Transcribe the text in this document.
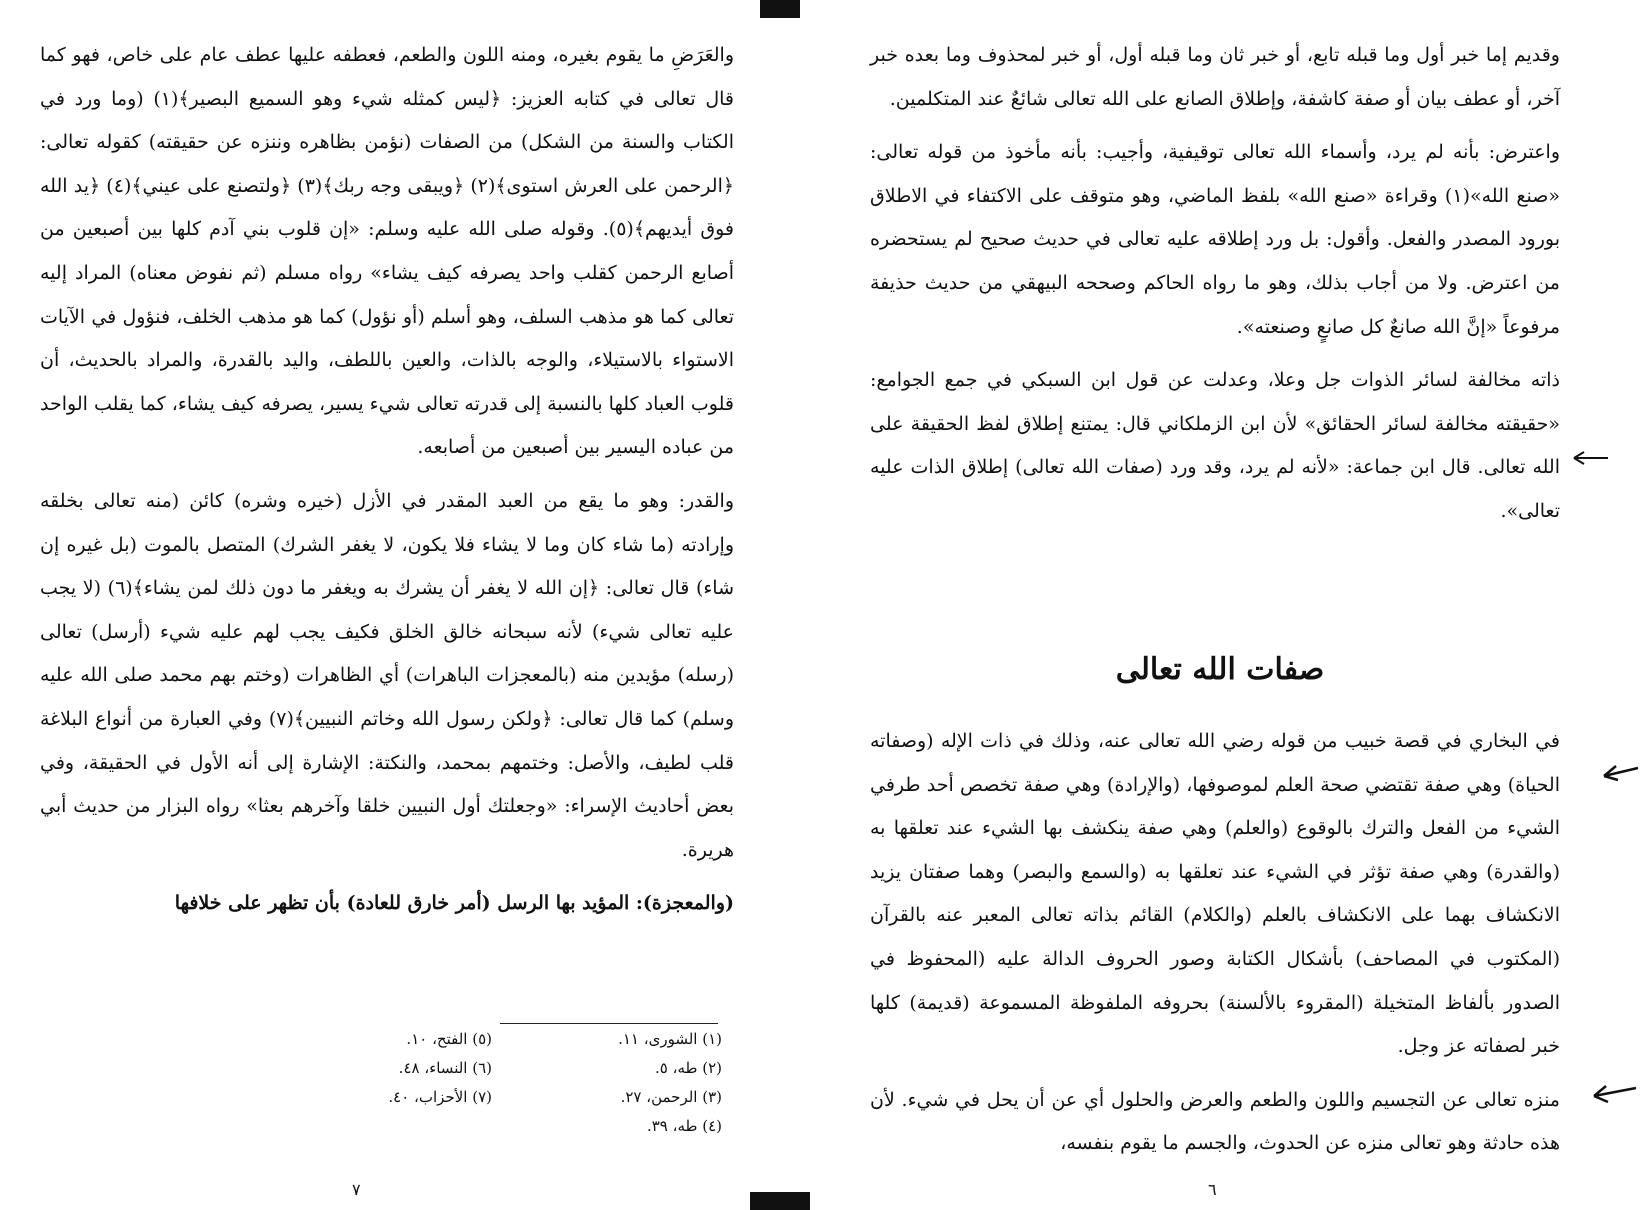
والعَرَضِ ما يقوم بغيره، ومنه اللون والطعم، فعطفه عليها عطف عام على خاص، فهو كما قال تعالى في كتابه العزيز: ﴿ليس كمثله شيء وهو السميع البصير﴾(١) (وما ورد في الكتاب والسنة من الشكل) من الصفات (نؤمن بظاهره وننزه عن حقيقته) كقوله تعالى: ﴿الرحمن على العرش استوى﴾(٢) ﴿ويبقى وجه ربك﴾(٣) ﴿ولتصنع على عيني﴾(٤) ﴿يد الله فوق أيديهم﴾(٥). وقوله صلى الله عليه وسلم: «إن قلوب بني آدم كلها بين أصبعين من أصابع الرحمن كقلب واحد يصرفه كيف يشاء» رواه مسلم (ثم نفوض معناه) المراد إليه تعالى كما هو مذهب السلف، وهو أسلم (أو نؤول) كما هو مذهب الخلف، فنؤول في الآيات الاستواء بالاستيلاء، والوجه بالذات، والعين باللطف، واليد بالقدرة، والمراد بالحديث، أن قلوب العباد كلها بالنسبة إلى قدرته تعالى شيء يسير، يصرفه كيف يشاء، كما يقلب الواحد من عباده اليسير بين أصبعين من أصابعه.

والقدر: وهو ما يقع من العبد المقدر في الأزل (خيره وشره) كائن (منه تعالى بخلقه وإرادته (ما شاء كان وما لا يشاء فلا يكون، لا يغفر الشرك) المتصل بالموت (بل غيره إن شاء) قال تعالى: ﴿إن الله لا يغفر أن يشرك به ويغفر ما دون ذلك لمن يشاء﴾(٦) (لا يجب عليه تعالى شيء) لأنه سبحانه خالق الخلق فكيف يجب لهم عليه شيء (أرسل) تعالى (رسله) مؤيدين منه (بالمعجزات الباهرات) أي الظاهرات (وختم بهم محمد صلى الله عليه وسلم) كما قال تعالى: ﴿ولكن رسول الله وخاتم النبيين﴾(٧) وفي العبارة من أنواع البلاغة قلب لطيف، والأصل: وختمهم بمحمد، والنكتة: الإشارة إلى أنه الأول في الحقيقة، وفي بعض أحاديث الإسراء: «وجعلتك أول النبيين خلقا وآخرهم بعثا» رواه البزار من حديث أبي هريرة.

(والمعجزة): المؤيد بها الرسل (أمر خارق للعادة) بأن تظهر على خلافها

(١) الشورى، ١١.
(٢) طه، ٥.
(٣) الرحمن، ٢٧.
(٤) طه، ٣٩.
(٥) الفتح، ١٠.
(٦) النساء، ٤٨.
(٧) الأحزاب، ٤٠.
٧

وقديم إما خبر أول وما قبله تابع، أو خبر ثان وما قبله أول، أو خبر لمحذوف وما بعده خبر آخر، أو عطف بيان أو صفة كاشفة، وإطلاق الصانع على الله تعالى شائعٌ عند المتكلمين.

واعترض: بأنه لم يرد، وأسماء الله تعالى توقيفية، وأجيب: بأنه مأخوذ من قوله تعالى: «صنع الله»(١) وقراءة «صنع الله» بلفظ الماضي، وهو متوقف على الاكتفاء في الاطلاق بورود المصدر والفعل. وأقول: بل ورد إطلاقه عليه تعالى في حديث صحيح لم يستحضره من اعترض. ولا من أجاب بذلك، وهو ما رواه الحاكم وصححه البيهقي من حديث حذيفة مرفوعاً «إنَّ الله صانعٌ كل صانعٍ وصنعته».

ذاته مخالفة لسائر الذوات جل وعلا، وعدلت عن قول ابن السبكي في جمع الجوامع: «حقيقته مخالفة لسائر الحقائق» لأن ابن الزملكاني قال: يمتنع إطلاق لفظ الحقيقة على الله تعالى. قال ابن جماعة: «لأنه لم يرد، وقد ورد (صفات الله تعالى) إطلاق الذات عليه تعالى».

صفات الله تعالى

في البخاري في قصة خبيب من قوله رضي الله تعالى عنه، وذلك في ذات الإله (وصفاته الحياة) وهي صفة تقتضي صحة العلم لموصوفها، (والإرادة) وهي صفة تخصص أحد طرفي الشيء من الفعل والترك بالوقوع (والعلم) وهي صفة ينكشف بها الشيء عند تعلقها به (والقدرة) وهي صفة تؤثر في الشيء عند تعلقها به (والسمع والبصر) وهما صفتان يزيد الانكشاف بهما على الانكشاف بالعلم (والكلام) القائم بذاته تعالى المعبر عنه بالقرآن (المكتوب في المصاحف) بأشكال الكتابة وصور الحروف الدالة عليه (المحفوظ في الصدور بألفاظ المتخيلة (المقروء بالألسنة) بحروفه الملفوظة المسموعة (قديمة) كلها خبر لصفاته عز وجل.

منزه تعالى عن التجسيم واللون والطعم والعرض والحلول أي عن أن يحل في شيء. لأن هذه حادثة وهو تعالى منزه عن الحدوث، والجسم ما يقوم بنفسه،

٦
